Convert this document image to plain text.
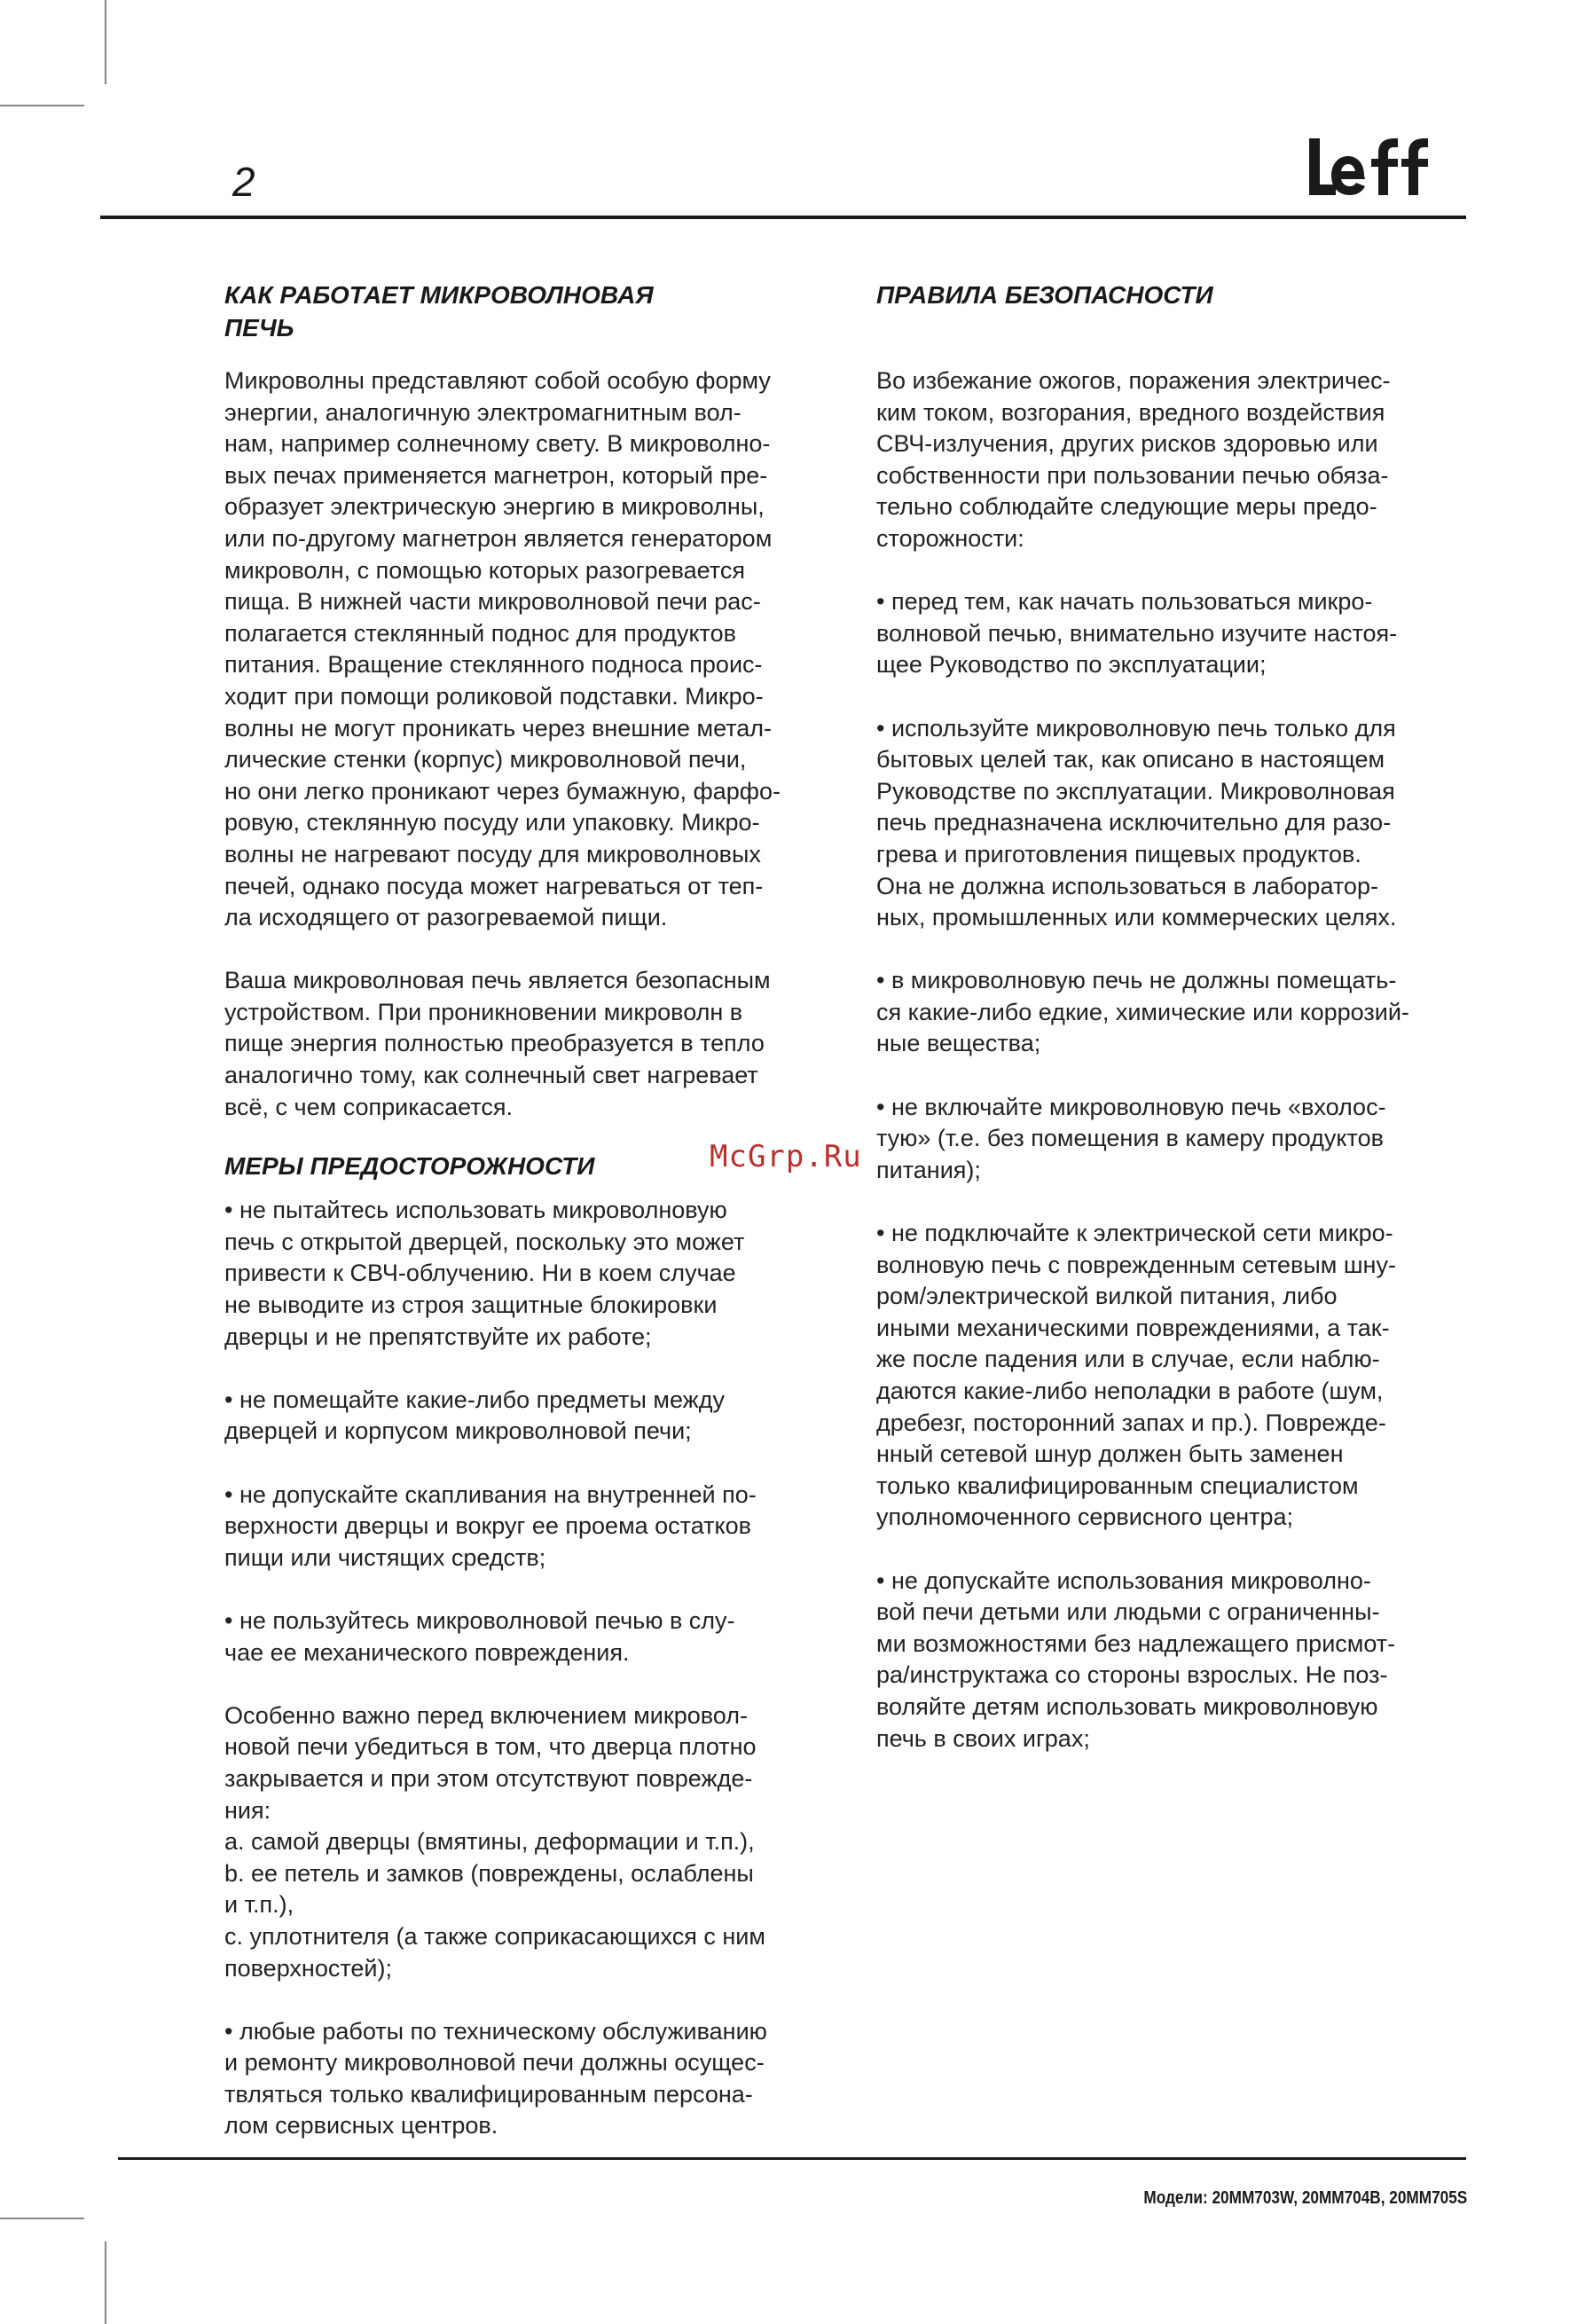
2
КАК РАБОТАЕТ МИКРОВОЛНОВАЯ
ПЕЧЬ
Микроволны представляют собой особую форму
энергии, аналогичную электромагнитным вол-
нам, например солнечному свету. В микроволно-
вых печах применяется магнетрон, который пре-
образует электрическую энергию в микроволны,
или по-другому магнетрон является генератором
микроволн, с помощью которых разогревается
пища. В нижней части микроволновой печи рас-
полагается стеклянный поднос для продуктов
питания. Вращение стеклянного подноса проис-
ходит при помощи роликовой подставки. Микро-
волны не могут проникать через внешние метал-
лические стенки (корпус) микроволновой печи,
но они легко проникают через бумажную, фарфо-
ровую, стеклянную посуду или упаковку. Микро-
волны не нагревают посуду для микроволновых
печей, однако посуда может нагреваться от теп-
ла исходящего от разогреваемой пищи.
Ваша микроволновая печь является безопасным
устройством. При проникновении микроволн в
пище энергия полностью преобразуется в тепло
аналогично тому, как солнечный свет нагревает
всё, с чем соприкасается.
МЕРЫ ПРЕДОСТОРОЖНОСТИ
• не пытайтесь использовать микроволновую
печь с открытой дверцей, поскольку это может
привести к СВЧ-облучению. Ни в коем случае
не выводите из строя защитные блокировки
дверцы и не препятствуйте их работе;
• не помещайте какие-либо предметы между
дверцей и корпусом микроволновой печи;
• не допускайте скапливания на внутренней по-
верхности дверцы и вокруг ее проема остатков
пищи или чистящих средств;
• не пользуйтесь микроволновой печью в слу-
чае ее механического повреждения.
Особенно важно перед включением микровол-
новой печи убедиться в том, что дверца плотно
закрывается и при этом отсутствуют поврежде-
ния:
a. самой дверцы (вмятины, деформации и т.п.),
b. ее петель и замков (повреждены, ослаблены
и т.п.),
c. уплотнителя (а также соприкасающихся с ним
поверхностей);
• любые работы по техническому обслуживанию
и ремонту микроволновой печи должны осущес-
твляться только квалифицированным персона-
лом сервисных центров.
ПРАВИЛА БЕЗОПАСНОСТИ
Во избежание ожогов, поражения электричес-
ким током, возгорания, вредного воздействия
СВЧ-излучения, других рисков здоровью или
собственности при пользовании печью обяза-
тельно соблюдайте следующие меры предо-
сторожности:
• перед тем, как начать пользоваться микро-
волновой печью, внимательно изучите настоя-
щее Руководство по эксплуатации;
• используйте микроволновую печь только для
бытовых целей так, как описано в настоящем
Руководстве по эксплуатации. Микроволновая
печь предназначена исключительно для разо-
грева и приготовления пищевых продуктов.
Она не должна использоваться в лаборатор-
ных, промышленных или коммерческих целях.
• в микроволновую печь не должны помещать-
ся какие-либо едкие, химические или коррозий-
ные вещества;
• не включайте микроволновую печь «вхолос-
тую» (т.е. без помещения в камеру продуктов
питания);
• не подключайте к электрической сети микро-
волновую печь с поврежденным сетевым шну-
ром/электрической вилкой питания, либо
иными механическими повреждениями, а так-
же после падения или в случае, если наблю-
даются какие-либо неполадки в работе (шум,
дребезг, посторонний запах и пр.). Поврежде-
нный сетевой шнур должен быть заменен
только квалифицированным специалистом
уполномоченного сервисного центра;
• не допускайте использования микроволно-
вой печи детьми или людьми с ограниченны-
ми возможностями без надлежащего присмот-
ра/инструктажа со стороны взрослых. Не поз-
воляйте детям использовать микроволновую
печь в своих играх;
McGrp.Ru
Модели: 20MM703W, 20MM704B, 20MM705S
